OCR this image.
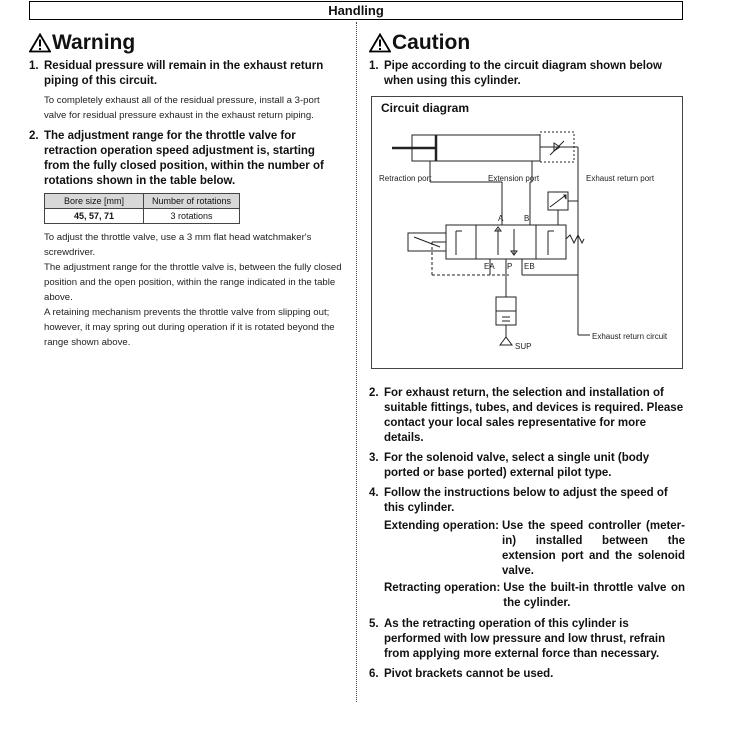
Handling
Warning
1. Residual pressure will remain in the exhaust return piping of this circuit.
To completely exhaust all of the residual pressure, install a 3-port valve for residual pressure exhaust in the exhaust return piping.
2. The adjustment range for the throttle valve for retraction operation speed adjustment is, starting from the fully closed position, within the number of rotations shown in the table below.
Bore size [mm]	Number of rotations
45, 57, 71	3 rotations
To adjust the throttle valve, use a 3 mm flat head watchmaker's screwdriver.
The adjustment range for the throttle valve is, between the fully closed position and the open position, within the range indicated in the table above.
A retaining mechanism prevents the throttle valve from slipping out; however, it may spring out during operation if it is rotated beyond the range shown above.
Caution
1. Pipe according to the circuit diagram shown below when using this cylinder.
Circuit diagram
Retraction port	Extension port	Exhaust return port
A	B
EA P EB
Exhaust return circuit
SUP
2. For exhaust return, the selection and installation of suitable fittings, tubes, and devices is required. Please contact your local sales representative for more details.
3. For the solenoid valve, select a single unit (body ported or base ported) external pilot type.
4. Follow the instructions below to adjust the speed of this cylinder.
Extending operation: Use the speed controller (meter-in) installed between the extension port and the solenoid valve.
Retracting operation: Use the built-in throttle valve on the cylinder.
5. As the retracting operation of this cylinder is performed with low pressure and low thrust, refrain from applying more external force than necessary.
6. Pivot brackets cannot be used.
